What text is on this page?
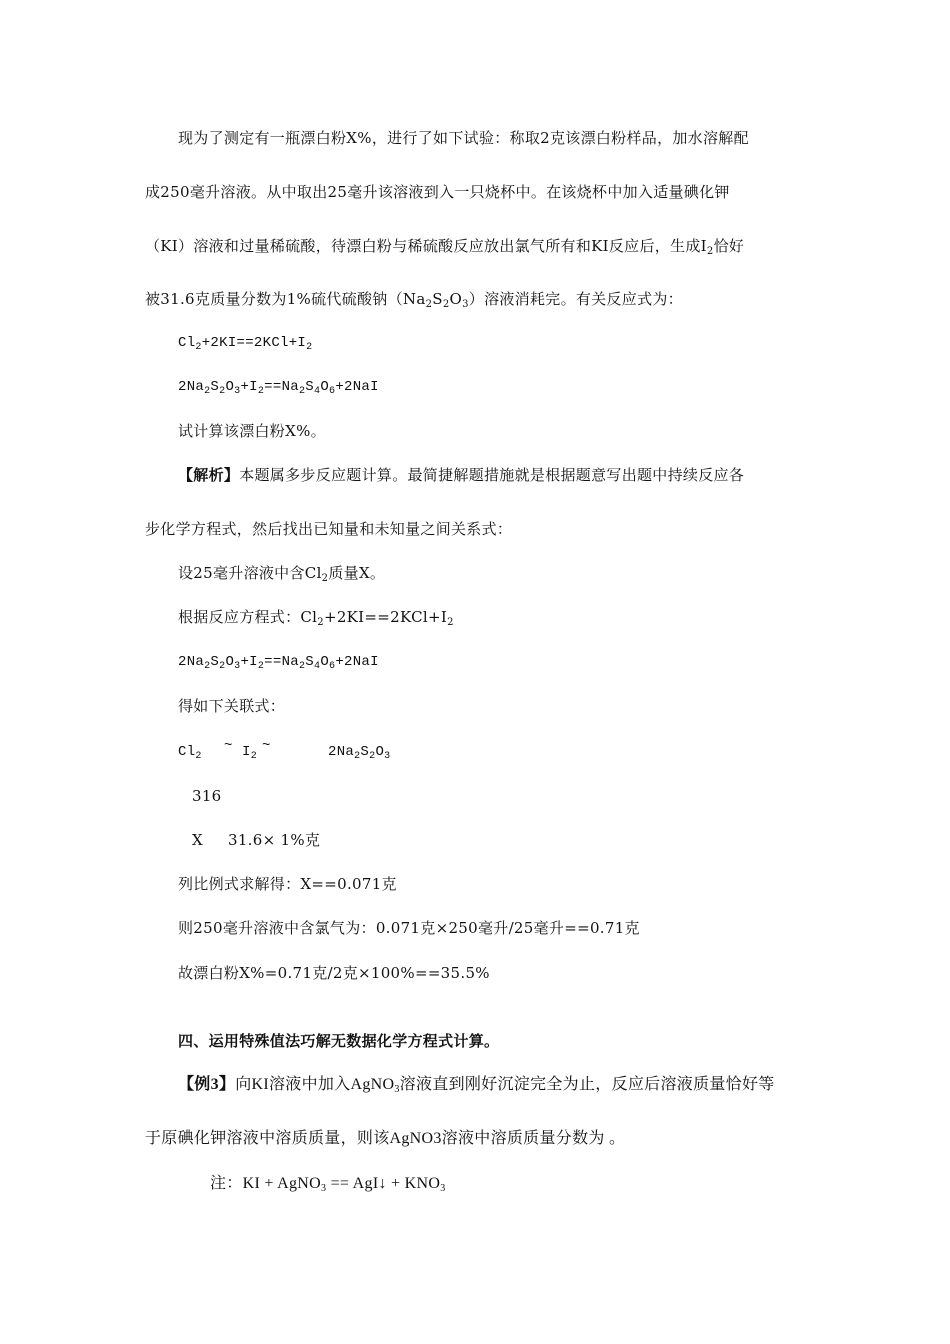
现为了测定有一瓶漂白粉X%，进行了如下试验：称取2克该漂白粉样品，加水溶解配
成250毫升溶液。从中取出25毫升该溶液到入一只烧杯中。在该烧杯中加入适量碘化钾
（KI）溶液和过量稀硫酸，待漂白粉与稀硫酸反应放出氯气所有和KI反应后，生成$I_2$恰好
被31.6克质量分数为1%硫代硫酸钠$(Na_2S_2O_3)$溶液消耗完。有关反应式为：
$Cl_2+2KI==2KCl+I_2$
$2Na_2S_2O_3+I_2==Na_2S_4O_6+2NaI$
试计算该漂白粉X%。
【解析】本题属多步反应题计算。最简捷解题措施就是根据题意写出题中持续反应各
步化学方程式，然后找出已知量和未知量之间关系式：
设25毫升溶液中含$Cl_2$质量X。
根据反应方程式：$Cl_2+2KI==2KCl+I_2$
$2Na_2S_2O_3+I_2==Na_2S_4O_6+2NaI$
得如下关联式：
$Cl_2$
~ $I_2$
~	$2Na_2S_2O_3$
316
X 31.6× 1%克
列比例式求解得：X==0.071克
则250毫升溶液中含氯气为：0.071克×250毫升/25毫升==0.71克
故漂白粉X%=0.71克/2克×100%==35.5%
四、运用特殊值法巧解无数据化学方程式计算。
【例3】向KI溶液中加入AgNO$_3$溶液直到刚好沉淀完全为止，反应后溶液质量恰好等
于原碘化钾溶液中溶质质量，则该AgNO3溶液中溶质质量分数为 。
注：KI + AgNO$_3$ == AgI↓ + $KNO_3$
